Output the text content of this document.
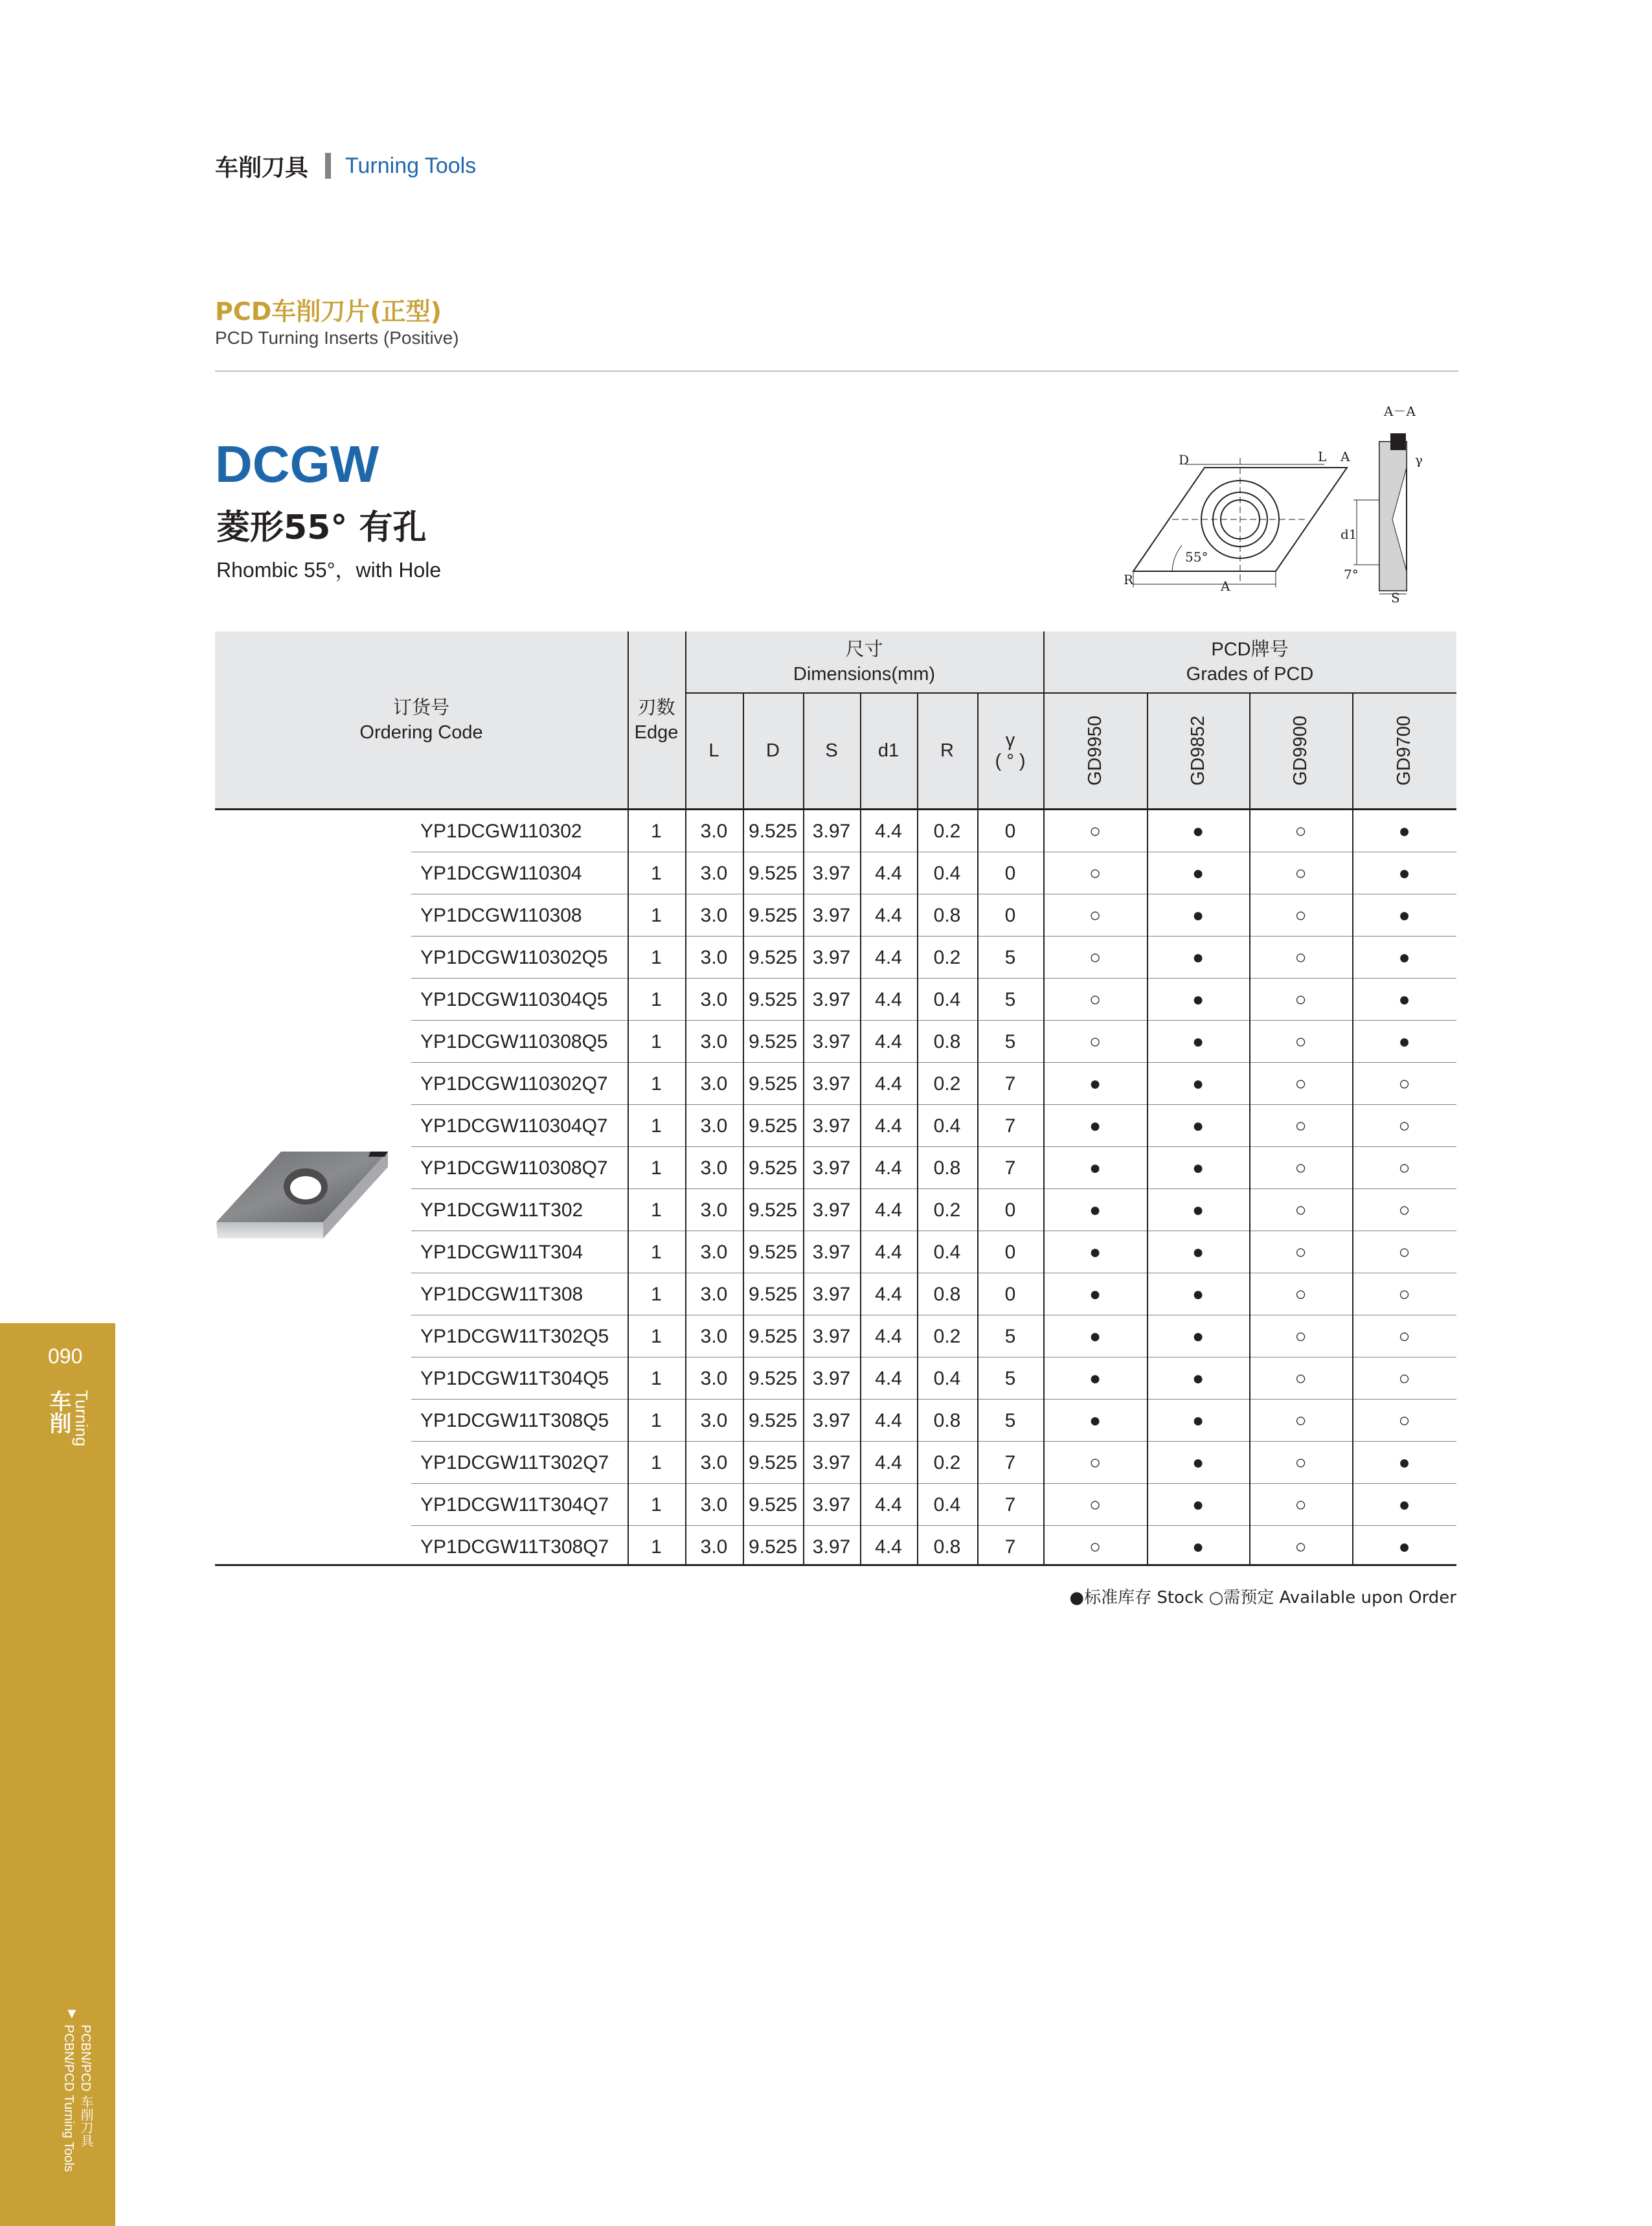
车削刀具 Turning Tools
PCD车削刀片(正型)
PCD Turning Inserts (Positive)
DCGW
菱形55° 有孔
Rhombic 55°，with Hole
A－A
D	L A
R
55°
A
γ
d1
7°
S
订货号
Ordering Code
刃数
Edge
尺寸
Dimensions(mm)
PCD牌号
Grades of PCD
L	D	S	d1	R	γ
( ° )	GD9950	GD9852	GD9900	GD9700
YP1DCGW110302	1	3.0	9.525 3.97	4.4	0.2	0	○	●	○	●
YP1DCGW110304	1	3.0	9.525 3.97	4.4	0.4	0	○	●	○	●
YP1DCGW110308	1	3.0	9.525 3.97	4.4	0.8	0	○	●	○	●
YP1DCGW110302Q5	1	3.0	9.525 3.97	4.4	0.2	5	○	●	○	●
YP1DCGW110304Q5	1	3.0	9.525 3.97	4.4	0.4	5	○	●	○	●
YP1DCGW110308Q5	1	3.0	9.525 3.97	4.4	0.8	5	○	●	○	●
YP1DCGW110302Q7	1	3.0	9.525 3.97	4.4	0.2	7	●	●	○	○
YP1DCGW110304Q7	1	3.0	9.525 3.97	4.4	0.4	7	●	●	○	○
YP1DCGW110308Q7	1	3.0	9.525 3.97	4.4	0.8	7	●	●	○	○
YP1DCGW11T302	1	3.0	9.525 3.97	4.4	0.2	0	●	●	○	○
YP1DCGW11T304	1	3.0	9.525 3.97	4.4	0.4	0	●	●	○	○
YP1DCGW11T308	1	3.0	9.525 3.97	4.4	0.8	0	●	●	○	○
YP1DCGW11T302Q5	1	3.0	9.525 3.97	4.4	0.2	5	●	●	○	○
YP1DCGW11T304Q5	1	3.0	9.525 3.97	4.4	0.4	5	●	●	○	○
YP1DCGW11T308Q5	1	3.0	9.525 3.97	4.4	0.8	5	●	●	○	○
YP1DCGW11T302Q7	1	3.0	9.525 3.97	4.4	0.2	7	○	●	○	●
YP1DCGW11T304Q7	1	3.0	9.525 3.97	4.4	0.4	7	○	●	○	●
YP1DCGW11T308Q7	1	3.0	9.525 3.97	4.4	0.8	7	○	●	○	●
●标准库存 Stock ○需预定 Available upon Order
090
车削 Turning
▼
PCBN/PCD Turning Tools PCBN/PCD 车削刀具
